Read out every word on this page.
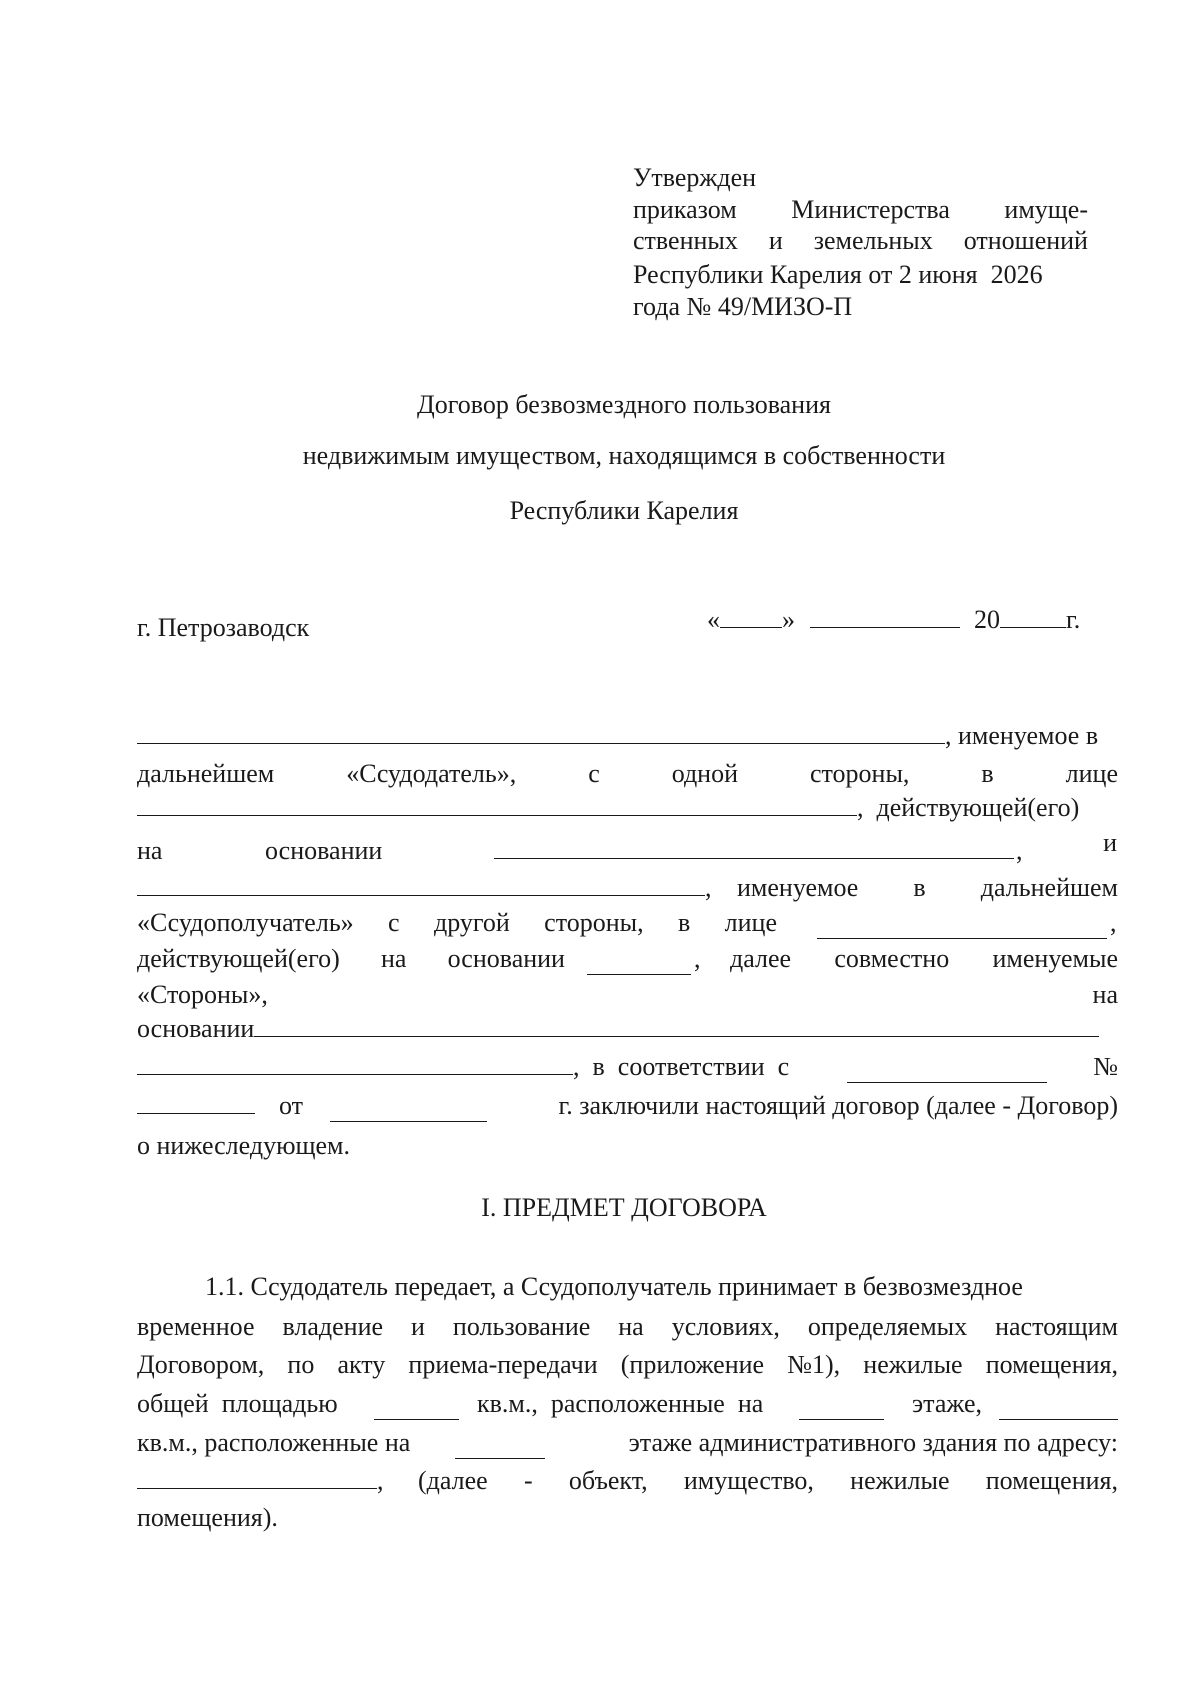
Утвержден
приказом Министерства имуще-
ственных и земельных отношений
Республики Карелия от 2 июня  2026
года № 49/МИЗО-П
Договор безвозмездного пользования
недвижимым имуществом, находящимся в собственности
Республики Карелия
г. Петрозаводск	« »	20	г.
, именуемое в
дальнейшем	«Ссудодатель»,	с	одной	стороны,	в	лице
,  действующей(его)
на	основании	,	и
, именуемое в дальнейшем
«Ссудополучатель» с другой стороны, в лице	,
действующей(его) на основании	, далее совместно именуемые
«Стороны»,	на
основании
,  в  соответствии  с	№
от	г. заключили настоящий договор (далее - Договор)
о нижеследующем.
I. ПРЕДМЕТ ДОГОВОРА
1.1. Ссудодатель передает, а Ссудополучатель принимает в безвозмездное
временное владение и пользование на условиях, определяемых настоящим
Договором, по акту приема-передачи (приложение №1), нежилые помещения,
общей  площадью	кв.м.,  расположенные  на	этаже,
кв.м., расположенные на	этаже административного здания по адресу:
, (далее - объект, имущество, нежилые помещения,
помещения).
